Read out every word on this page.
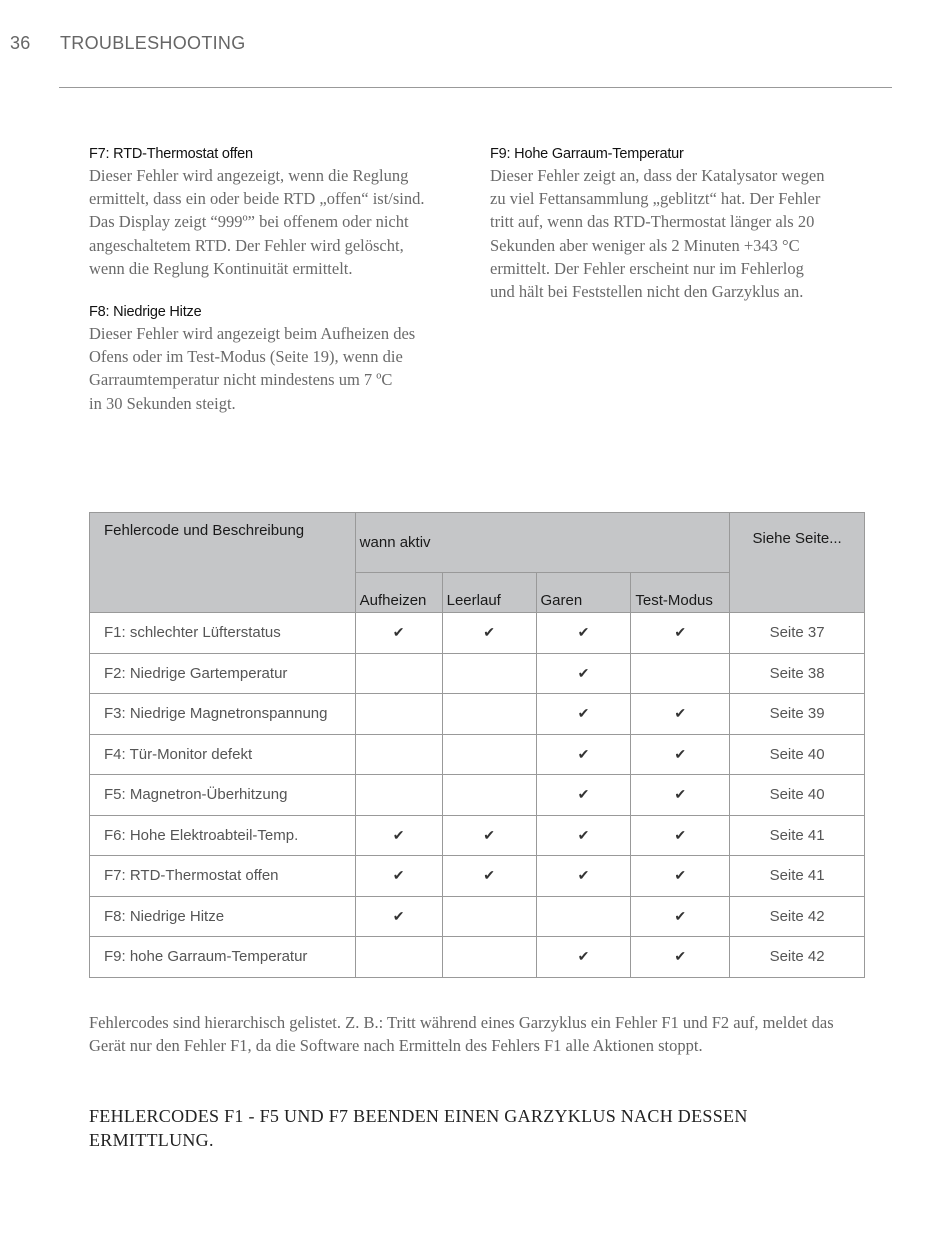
36 TROUBLESHOOTING
F7: RTD-Thermostat offen
Dieser Fehler wird angezeigt, wenn die Reglung
ermittelt, dass ein oder beide RTD „offen“ ist/sind.
Das Display zeigt “999º” bei offenem oder nicht
angeschaltetem RTD. Der Fehler wird gelöscht,
wenn die Reglung Kontinuität ermittelt.
F8: Niedrige Hitze
Dieser Fehler wird angezeigt beim Aufheizen des
Ofens oder im Test-Modus (Seite 19), wenn die
Garraumtemperatur nicht mindestens um 7 ºC
in 30 Sekunden steigt.
F9: Hohe Garraum-Temperatur
Dieser Fehler zeigt an, dass der Katalysator wegen
zu viel Fettansammlung „geblitzt“ hat. Der Fehler
tritt auf, wenn das RTD-Thermostat länger als 20
Sekunden aber weniger als 2 Minuten +343 °C
ermittelt. Der Fehler erscheint nur im Fehlerlog
und hält bei Feststellen nicht den Garzyklus an.
Fehlercode und Beschreibung	wann aktiv				Siehe Seite...
	Aufheizen	Leerlauf	Garen	Test-Modus	
F1: schlechter Lüfterstatus	✔	✔	✔	✔	Seite 37
F2: Niedrige Gartemperatur			✔		Seite 38
F3: Niedrige Magnetronspannung			✔	✔	Seite 39
F4: Tür-Monitor defekt			✔	✔	Seite 40
F5: Magnetron-Überhitzung			✔	✔	Seite 40
F6: Hohe Elektroabteil-Temp.	✔	✔	✔	✔	Seite 41
F7: RTD-Thermostat offen	✔	✔	✔	✔	Seite 41
F8: Niedrige Hitze	✔			✔	Seite 42
F9: hohe Garraum-Temperatur			✔	✔	Seite 42

Fehlercodes sind hierarchisch gelistet. Z. B.: Tritt während eines Garzyklus ein Fehler F1 und F2 auf, meldet das Gerät nur den Fehler F1, da die Software nach Ermitteln des Fehlers F1 alle Aktionen stoppt.

FEHLERCODES F1 - F5 UND F7 BEENDEN EINEN GARZYKLUS NACH DESSEN ERMITTLUNG.
